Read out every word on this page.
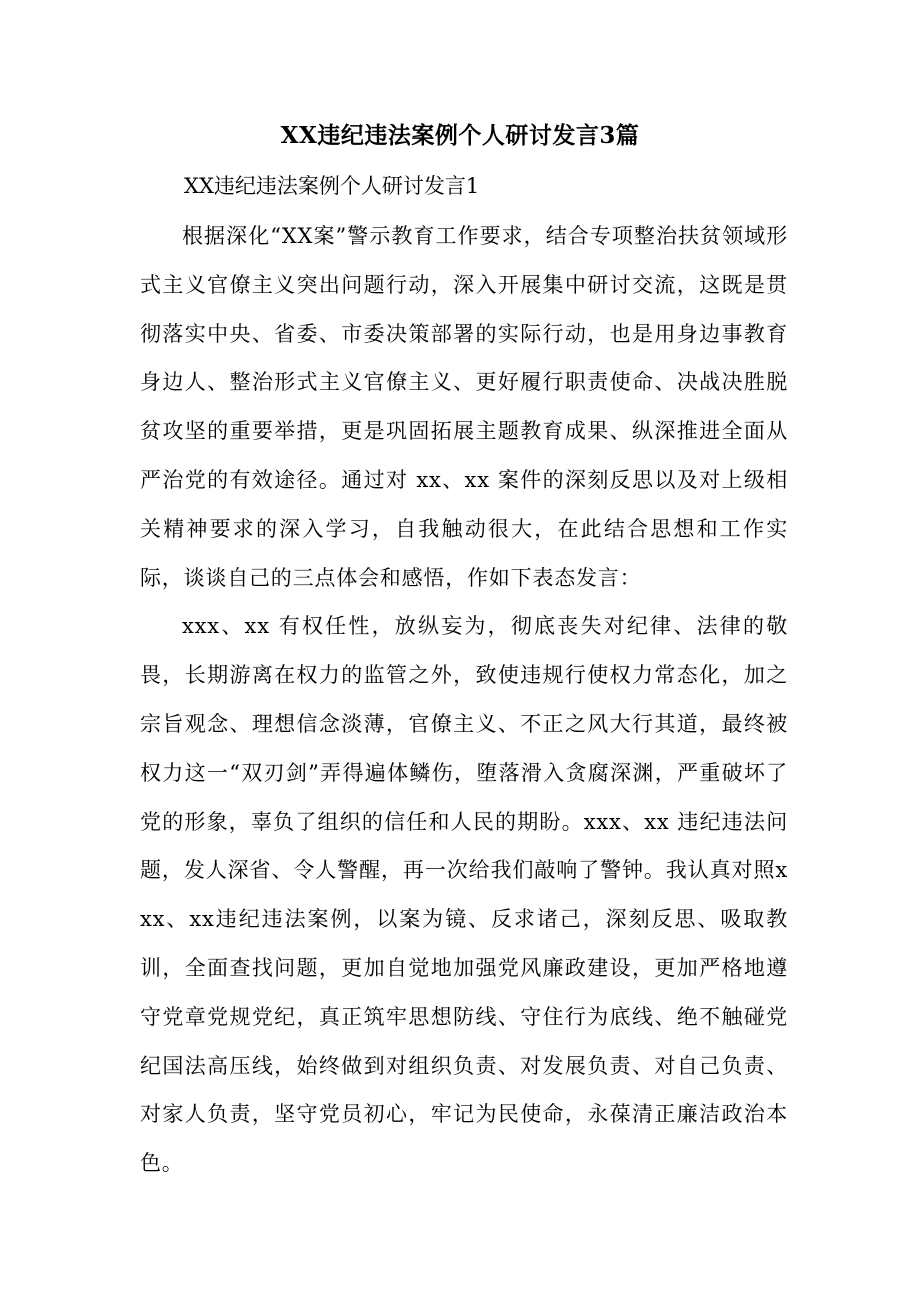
XX违纪违法案例个人研讨发言3篇
XX违纪违法案例个人研讨发言1

根据深化“XX案”警示教育工作要求，结合专项整治扶贫领域形式主义官僚主义突出问题行动，深入开展集中研讨交流，这既是贯彻落实中央、省委、市委决策部署的实际行动，也是用身边事教育身边人、整治形式主义官僚主义、更好履行职责使命、决战决胜脱贫攻坚的重要举措，更是巩固拓展主题教育成果、纵深推进全面从严治党的有效途径。通过对 xx、xx 案件的深刻反思以及对上级相关精神要求的深入学习，自我触动很大，在此结合思想和工作实际，谈谈自己的三点体会和感悟，作如下表态发言：

xxx、xx 有权任性，放纵妄为，彻底丧失对纪律、法律的敬畏，长期游离在权力的监管之外，致使违规行使权力常态化，加之宗旨观念、理想信念淡薄，官僚主义、不正之风大行其道，最终被权力这一“双刃剑”弄得遍体鳞伤，堕落滑入贪腐深渊，严重破坏了党的形象，辜负了组织的信任和人民的期盼。xxx、xx 违纪违法问题，发人深省、令人警醒，再一次给我们敲响了警钟。我认真对照xxx、xx违纪违法案例，以案为镜、反求诸己，深刻反思、吸取教训，全面查找问题，更加自觉地加强党风廉政建设，更加严格地遵守党章党规党纪，真正筑牢思想防线、守住行为底线、绝不触碰党纪国法高压线，始终做到对组织负责、对发展负责、对自己负责、对家人负责，坚守党员初心，牢记为民使命，永葆清正廉洁政治本色。
